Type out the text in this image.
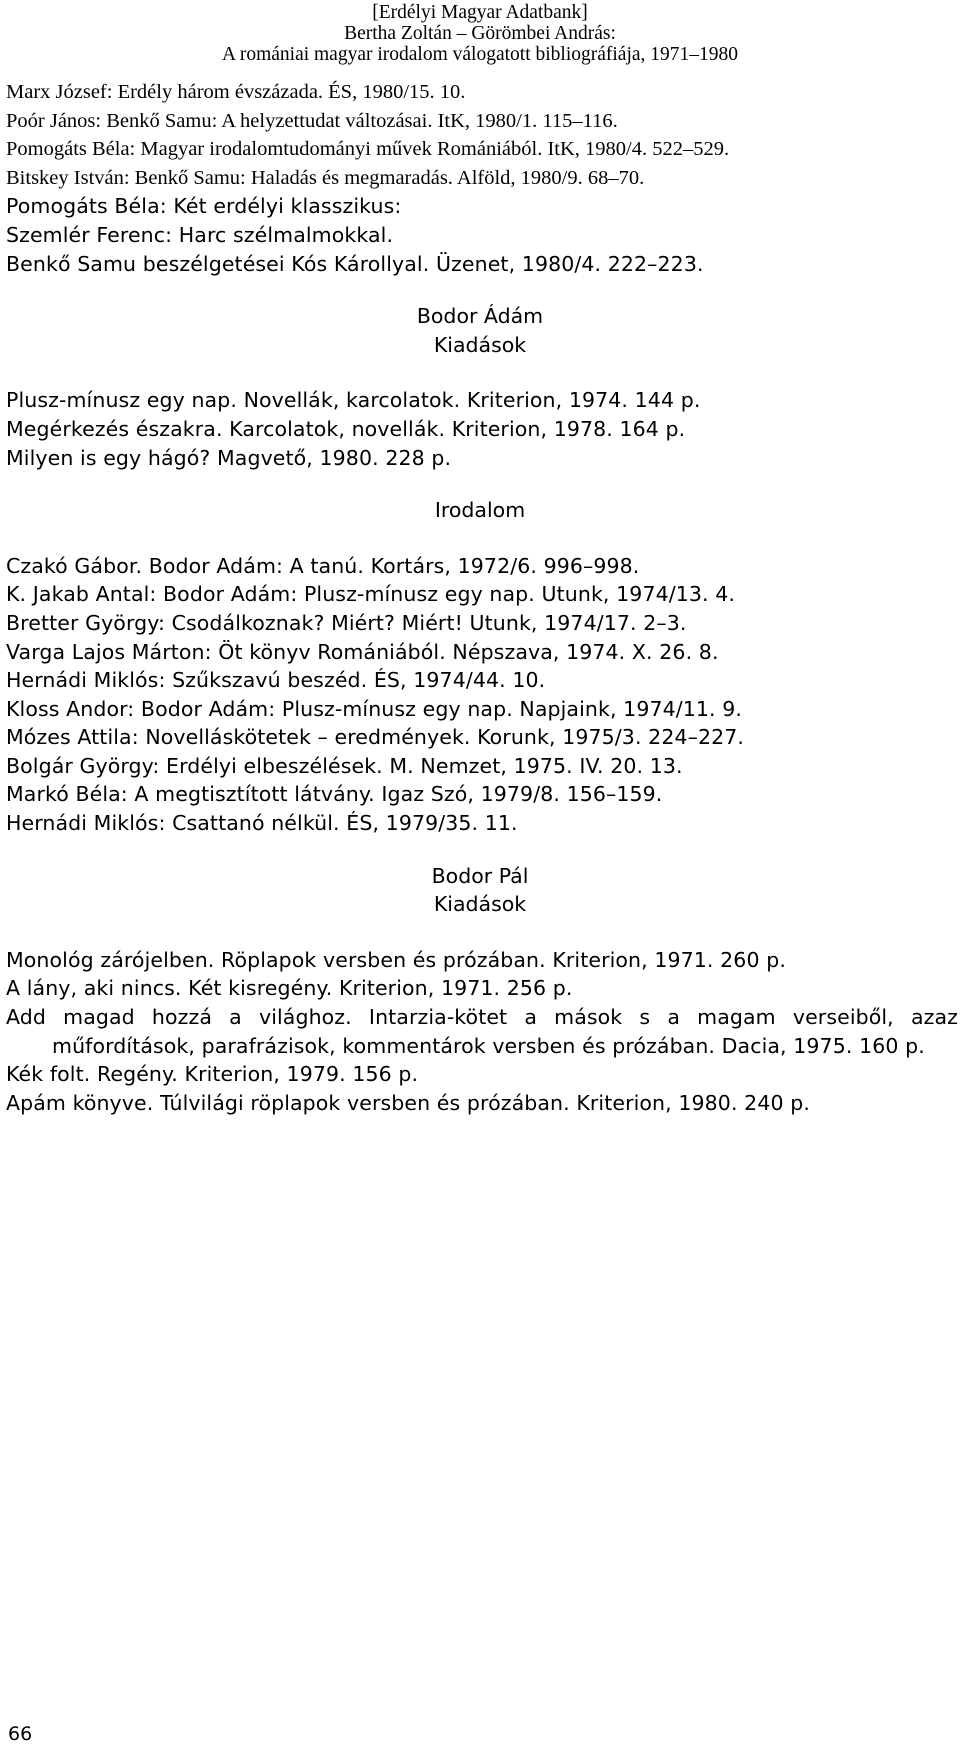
[Erdélyi Magyar Adatbank]
Bertha Zoltán – Görömbei András:
A romániai magyar irodalom válogatott bibliográfiája, 1971–1980
Marx József: Erdély három évszázada. ÉS, 1980/15. 10.
Poór János: Benkő Samu: A helyzettudat változásai. ItK, 1980/1. 115–116.
Pomogáts Béla: Magyar irodalomtudományi művek Romániából. ItK, 1980/4. 522–529.
Bitskey István: Benkő Samu: Haladás és megmaradás. Alföld, 1980/9. 68–70.
Pomogáts Béla: Két erdélyi klasszikus:
Szemlér Ferenc: Harc szélmalmokkal.
Benkő Samu beszélgetései Kós Károllyal. Üzenet, 1980/4. 222–223.
Bodor Ádám
Kiadások
Plusz-mínusz egy nap. Novellák, karcolatok. Kriterion, 1974. 144 p.
Megérkezés északra. Karcolatok, novellák. Kriterion, 1978. 164 p.
Milyen is egy hágó? Magvető, 1980. 228 p.
Irodalom
Czakó Gábor. Bodor Adám: A tanú. Kortárs, 1972/6. 996–998.
K. Jakab Antal: Bodor Adám: Plusz-mínusz egy nap. Utunk, 1974/13. 4.
Bretter György: Csodálkoznak? Miért? Miért! Utunk, 1974/17. 2–3.
Varga Lajos Márton: Öt könyv Romániából. Népszava, 1974. X. 26. 8.
Hernádi Miklós: Szűkszavú beszéd. ÉS, 1974/44. 10.
Kloss Andor: Bodor Adám: Plusz-mínusz egy nap. Napjaink, 1974/11. 9.
Mózes Attila: Novelláskötetek – eredmények. Korunk, 1975/3. 224–227.
Bolgár György: Erdélyi elbeszélések. M. Nemzet, 1975. IV. 20. 13.
Markó Béla: A megtisztított látvány. Igaz Szó, 1979/8. 156–159.
Hernádi Miklós: Csattanó nélkül. ÉS, 1979/35. 11.
Bodor Pál
Kiadások
Monológ zárójelben. Röplapok versben és prózában. Kriterion, 1971. 260 p.
A lány, aki nincs. Két kisregény. Kriterion, 1971. 256 p.
Add magad hozzá a világhoz. Intarzia-kötet a mások s a magam verseiből, azaz műfordítások, parafrázisok, kommentárok versben és prózában. Dacia, 1975. 160 p.
Kék folt. Regény. Kriterion, 1979. 156 p.
Apám könyve. Túlvilági röplapok versben és prózában. Kriterion, 1980. 240 p.
66
